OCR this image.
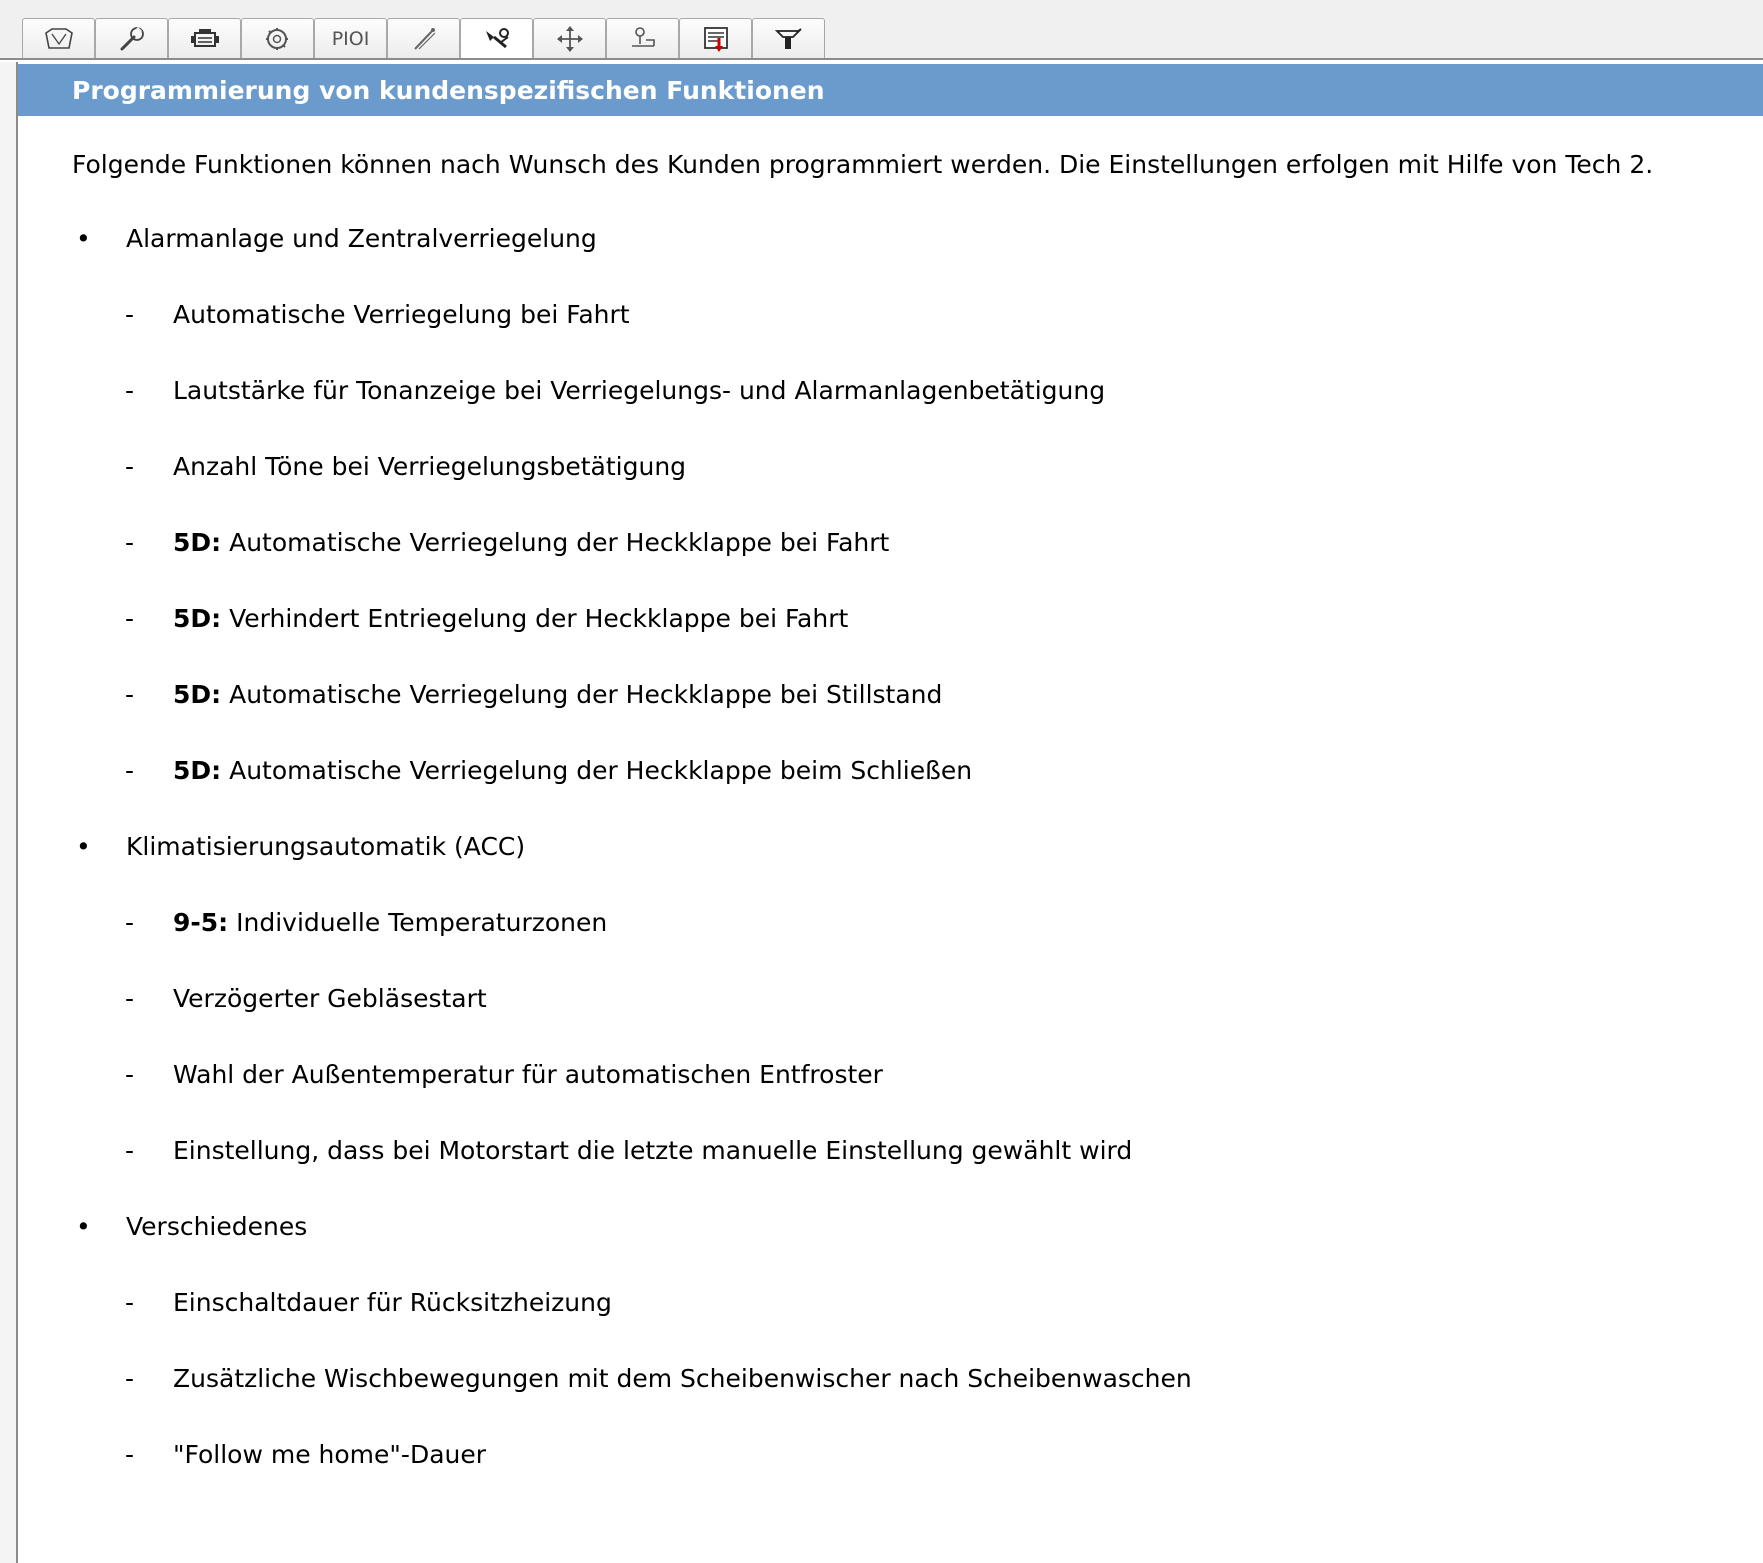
PIOI
Programmierung von kundenspezifischen Funktionen
Folgende Funktionen können nach Wunsch des Kunden programmiert werden. Die Einstellungen erfolgen mit Hilfe von Tech 2.
• Alarmanlage und Zentralverriegelung
- Automatische Verriegelung bei Fahrt
- Lautstärke für Tonanzeige bei Verriegelungs- und Alarmanlagenbetätigung
- Anzahl Töne bei Verriegelungsbetätigung
- 5D: Automatische Verriegelung der Heckklappe bei Fahrt
- 5D: Verhindert Entriegelung der Heckklappe bei Fahrt
- 5D: Automatische Verriegelung der Heckklappe bei Stillstand
- 5D: Automatische Verriegelung der Heckklappe beim Schließen
• Klimatisierungsautomatik (ACC)
- 9-5: Individuelle Temperaturzonen
- Verzögerter Gebläsestart
- Wahl der Außentemperatur für automatischen Entfroster
- Einstellung, dass bei Motorstart die letzte manuelle Einstellung gewählt wird
• Verschiedenes
- Einschaltdauer für Rücksitzheizung
- Zusätzliche Wischbewegungen mit dem Scheibenwischer nach Scheibenwaschen
- "Follow me home"-Dauer
